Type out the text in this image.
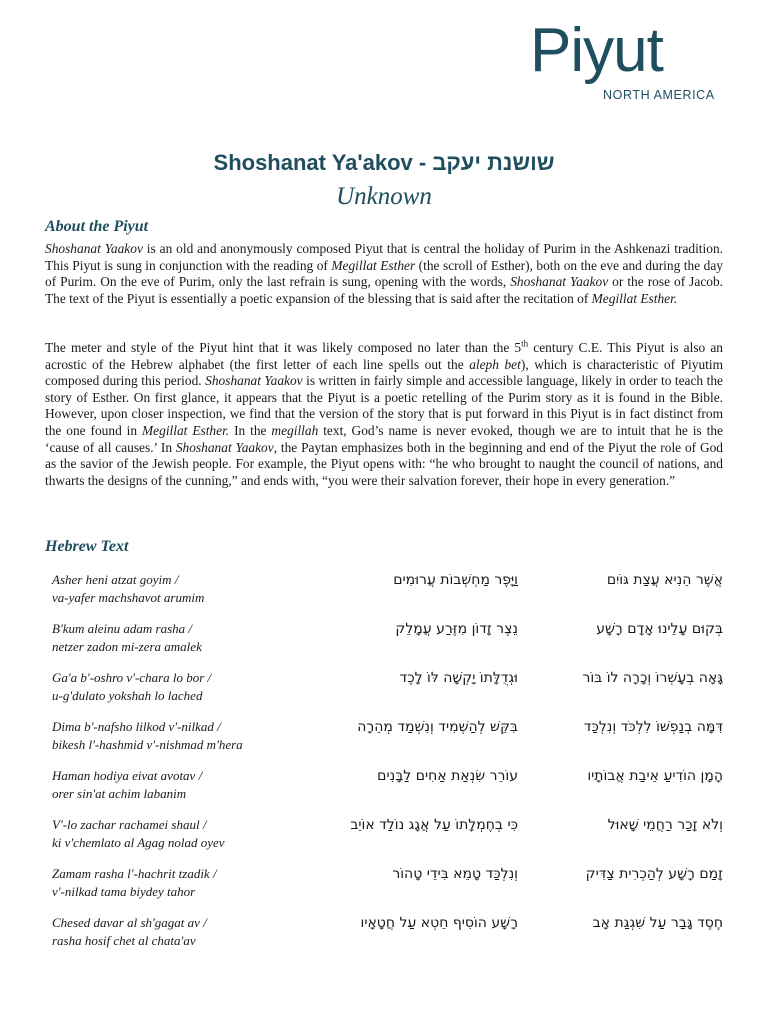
Piyut
NORTH AMERICA
Shoshanat Ya'akov - שושנת יעקב
Unknown
About the Piyut
Shoshanat Yaakov is an old and anonymously composed Piyut that is central the holiday of Purim in the Ashkenazi tradition. This Piyut is sung in conjunction with the reading of Megillat Esther (the scroll of Esther), both on the eve and during the day of Purim. On the eve of Purim, only the last refrain is sung, opening with the words, Shoshanat Yaakov or the rose of Jacob. The text of the Piyut is essentially a poetic expansion of the blessing that is said after the recitation of Megillat Esther.
The meter and style of the Piyut hint that it was likely composed no later than the 5th century C.E. This Piyut is also an acrostic of the Hebrew alphabet (the first letter of each line spells out the aleph bet), which is characteristic of Piyutim composed during this period. Shoshanat Yaakov is written in fairly simple and accessible language, likely in order to teach the story of Esther. On first glance, it appears that the Piyut is a poetic retelling of the Purim story as it is found in the Bible. However, upon closer inspection, we find that the version of the story that is put forward in this Piyut is in fact distinct from the one found in Megillat Esther. In the megillah text, God’s name is never evoked, though we are to intuit that he is the ‘cause of all causes.’ In Shoshanat Yaakov, the Paytan emphasizes both in the beginning and end of the Piyut the role of God as the savior of the Jewish people. For example, the Piyut opens with: “he who brought to naught the council of nations, and thwarts the designs of the cunning,” and ends with, “you were their salvation forever, their hope in every generation.”
Hebrew Text
Asher heni atzat goyim /
va-yafer machshavot arumim
וַיָּפֶר מַחְשְׁבוֹת עֲרוּמִים	אֲשֶׁר הֵנִיא עֲצַת גּוֹיִם
B'kum aleinu adam rasha /
netzer zadon mi-zera amalek
נֵצֶר זָדוֹן מִזֶּרַע עֲמָלֵק	בְּקוּם עָלֵינוּ אָדָם רָשָׁע
Ga'a b'-oshro v'-chara lo bor /
u-g'dulato yokshah lo lached
וּגְדֻלָּתוֹ יָקְשָׁה לּוֹ לָכֶד	גָּאָה בְעָשְׁרוֹ וְכָרָה לוֹ בּוֹר
Dima b'-nafsho lilkod v'-nilkad /
bikesh l'-hashmid v'-nishmad m'hera
בִּקֵּשׁ לְהַשְׁמִיד וְנִשְׁמַד מְהֵרָה	דִּמָּה בְנַפְשׁוֹ לִלְכֹּד וְנִלְכַּד
Haman hodiya eivat avotav /
orer sin'at achim labanim
עוֹרֵר שִׂנְאַת אַחִים לַבָּנִים	הָמָן הוֹדִיעַ אֵיבַת אֲבוֹתָיו
V'-lo zachar rachamei shaul /
ki v'chemlato al Agag nolad oyev
כִּי בְחֶמְלָתוֹ עַל אֲגָג נוֹלַד אוֹיֵב	וְלֹא זָכַר רַחֲמֵי שָׁאוּל
Zamam rasha l'-hachrit tzadik /
v'-nilkad tama biydey tahor
וְנִלְכַּד טָמֵא בִּידֵי טָהוֹר	זָמַם רָשָׁע לְהַכְרִית צַדִּיק
Chesed davar al sh'gagat av /
rasha hosif chet al chata'av
רָשָׁע הוֹסִיף חֵטְא עַל חֲטָאָיו	חֶסֶד גָּבַר עַל שִׁגְגַת אָב
